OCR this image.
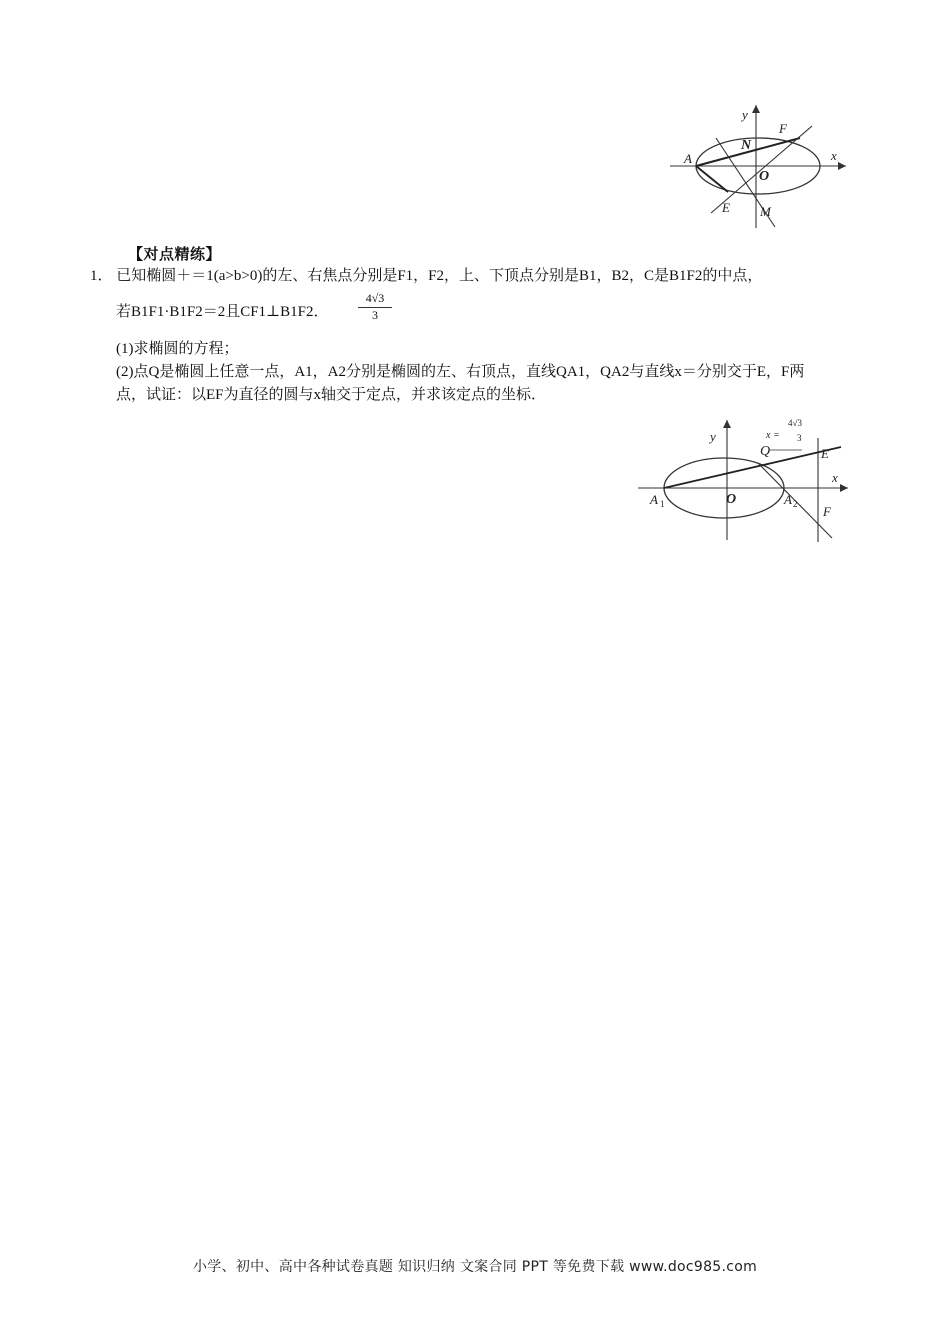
y
x
F
N
A
O
E M
【对点精练】
1． 已知椭圆＋＝1(a>b>0)的左、右焦点分别是F1，F2，上、下顶点分别是B1，B2，C是B1F2的中点，
若B1F1·B1F2＝2且CF1⊥B1F2． $\frac{4√3}{3}$
(1)求椭圆的方程；
(2)点Q是椭圆上任意一点，A1，A2分别是椭圆的左、右顶点，直线QA1，QA2与直线x＝分别交于E，F两
点，试证：以EF为直径的圆与x轴交于定点，并求该定点的坐标．
y
x
x =
4√3
3
Q	E
O
A 1	A 2 F
小学、初中、高中各种试卷真题 知识归纳 文案合同 PPT 等免费下载 www.doc985.com
